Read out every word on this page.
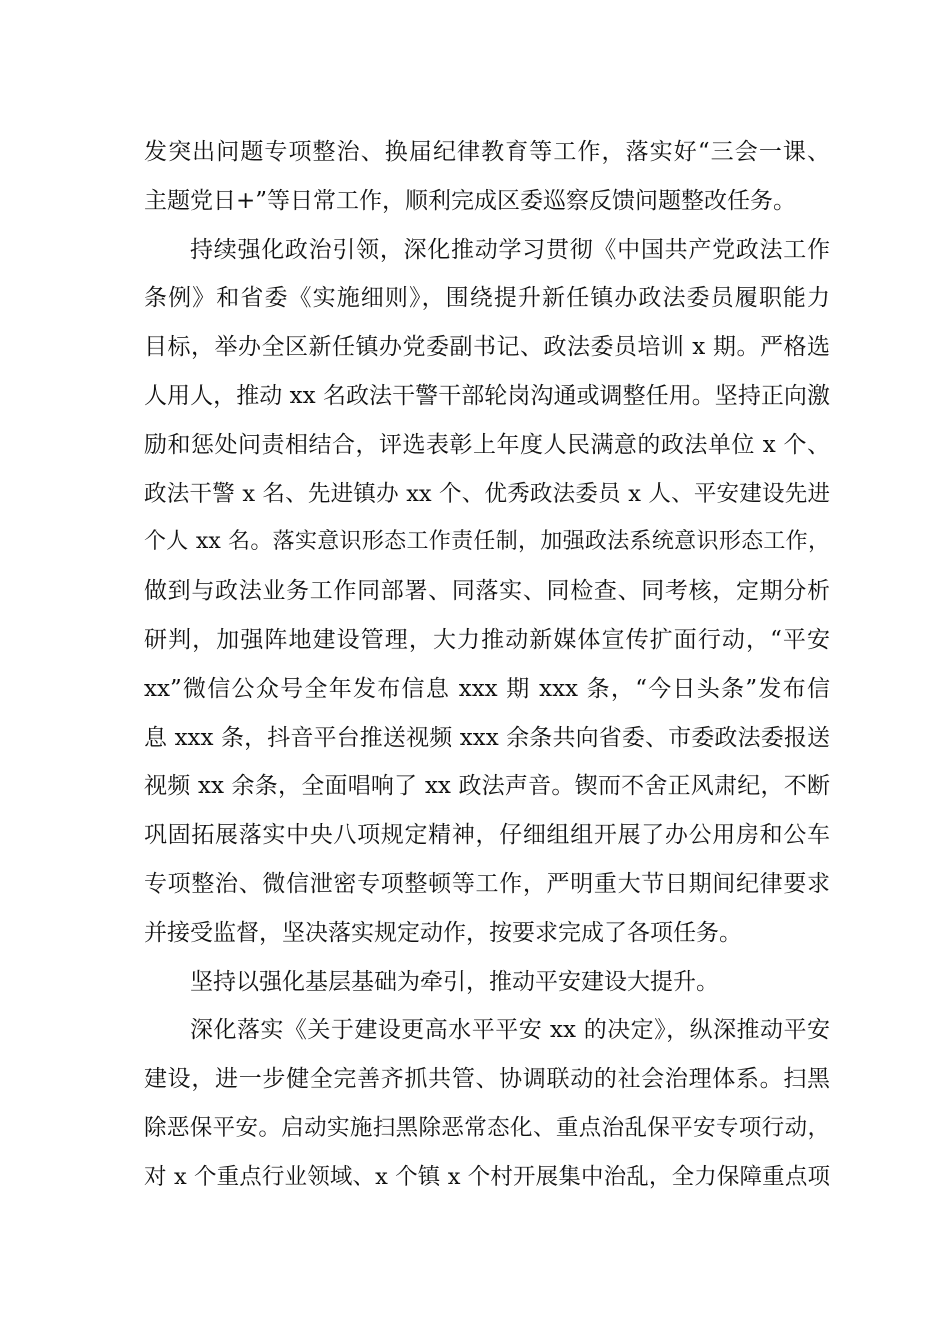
发突出问题专项整治、换届纪律教育等工作，落实好“三会一课、
主题党日+”等日常工作，顺利完成区委巡察反馈问题整改任务。
持续强化政治引领，深化推动学习贯彻《中国共产党政法工作
条例》和省委《实施细则》，围绕提升新任镇办政法委员履职能力
目标，举办全区新任镇办党委副书记、政法委员培训 x 期。严格选
人用人，推动 xx 名政法干警干部轮岗沟通或调整任用。坚持正向激
励和惩处问责相结合，评选表彰上年度人民满意的政法单位 x 个、
政法干警 x 名、先进镇办 xx 个、优秀政法委员 x 人、平安建设先进
个人 xx 名。落实意识形态工作责任制，加强政法系统意识形态工作，
做到与政法业务工作同部署、同落实、同检查、同考核，定期分析
研判，加强阵地建设管理，大力推动新媒体宣传扩面行动，“平安
xx”微信公众号全年发布信息 xxx 期 xxx 条，“今日头条”发布信
息 xxx 条，抖音平台推送视频 xxx 余条共向省委、市委政法委报送
视频 xx 余条，全面唱响了 xx 政法声音。锲而不舍正风肃纪，不断
巩固拓展落实中央八项规定精神，仔细组组开展了办公用房和公车
专项整治、微信泄密专项整顿等工作，严明重大节日期间纪律要求
并接受监督，坚决落实规定动作，按要求完成了各项任务。
坚持以强化基层基础为牵引，推动平安建设大提升。
深化落实《关于建设更高水平平安 xx 的决定》，纵深推动平安
建设，进一步健全完善齐抓共管、协调联动的社会治理体系。扫黑
除恶保平安。启动实施扫黑除恶常态化、重点治乱保平安专项行动，
对 x 个重点行业领域、x 个镇 x 个村开展集中治乱，全力保障重点项
